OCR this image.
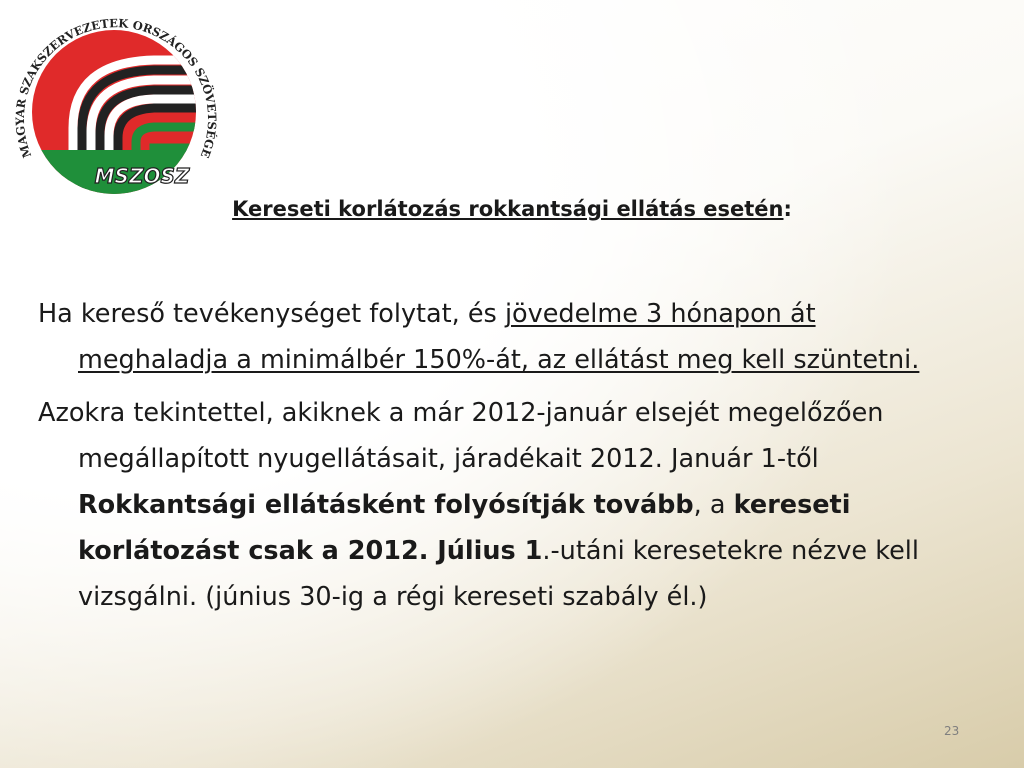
MSZOSZ
MAGYAR SZAKSZERVEZETEK ORSZÁGOS SZÖVETSÉGE
Kereseti korlátozás rokkantsági ellátás esetén:

Ha kereső tevékenységet folytat, és jövedelme 3 hónapon át meghaladja a minimálbér 150%-át, az ellátást meg kell szüntetni.

Azokra tekintettel, akiknek a már 2012-január elsejét megelőzően megállapított nyugellátásait, járadékait 2012. Január 1-től Rokkantsági ellátásként folyósítják tovább, a kereseti korlátozást csak a 2012. Július 1.-utáni keresetekre nézve kell vizsgálni. (június 30-ig a régi kereseti szabály él.)

23
